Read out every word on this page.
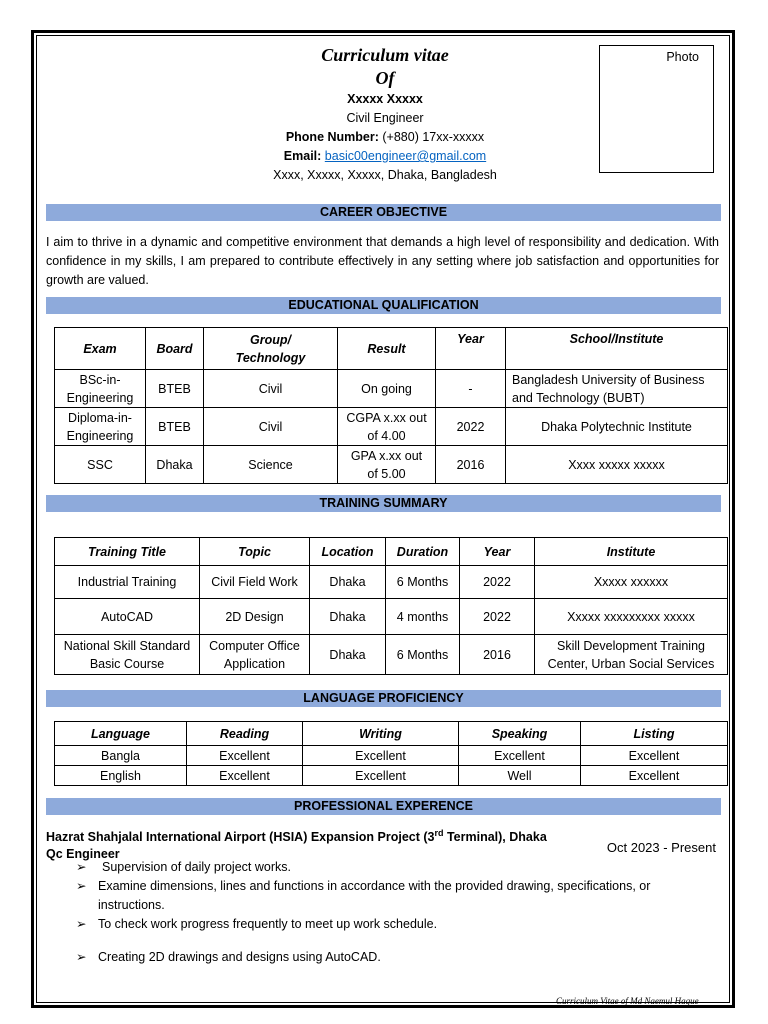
Curriculum vitae
Of
Xxxxx Xxxxx
Civil Engineer
Phone Number: (+880) 17xx-xxxxx
Email: basic00engineer@gmail.com
Xxxx, Xxxxx, Xxxxx, Dhaka, Bangladesh
Photo
CAREER OBJECTIVE
I aim to thrive in a dynamic and competitive environment that demands a high level of responsibility and dedication. With confidence in my skills, I am prepared to contribute effectively in any setting where job satisfaction and opportunities for growth are valued.
EDUCATIONAL QUALIFICATION
Exam	Board	Group/ Technology	Result	Year	School/Institute
BSc-in-Engineering	BTEB	Civil	On going	-	Bangladesh University of Business and Technology (BUBT)
Diploma-in-Engineering	BTEB	Civil	CGPA x.xx out of 4.00	2022	Dhaka Polytechnic Institute
SSC	Dhaka	Science	GPA x.xx out of 5.00	2016	Xxxx xxxxx xxxxx
TRAINING SUMMARY
Training Title	Topic	Location	Duration	Year	Institute
Industrial Training	Civil Field Work	Dhaka	6 Months	2022	Xxxxx xxxxxx
AutoCAD	2D Design	Dhaka	4 months	2022	Xxxxx xxxxxxxxx xxxxx
National Skill Standard Basic Course	Computer Office Application	Dhaka	6 Months	2016	Skill Development Training Center, Urban Social Services
LANGUAGE PROFICIENCY
Language	Reading	Writing	Speaking	Listing
Bangla	Excellent	Excellent	Excellent	Excellent
English	Excellent	Excellent	Well	Excellent
PROFESSIONAL EXPERENCE
Hazrat Shahjalal International Airport (HSIA) Expansion Project (3rd Terminal), Dhaka
Qc Engineer	Oct 2023 - Present
➢ Supervision of daily project works.
➢ Examine dimensions, lines and functions in accordance with the provided drawing, specifications, or instructions.
➢ To check work progress frequently to meet up work schedule.
➢ Creating 2D drawings and designs using AutoCAD.
Curriculum Vitae of Md Naemul Haque
